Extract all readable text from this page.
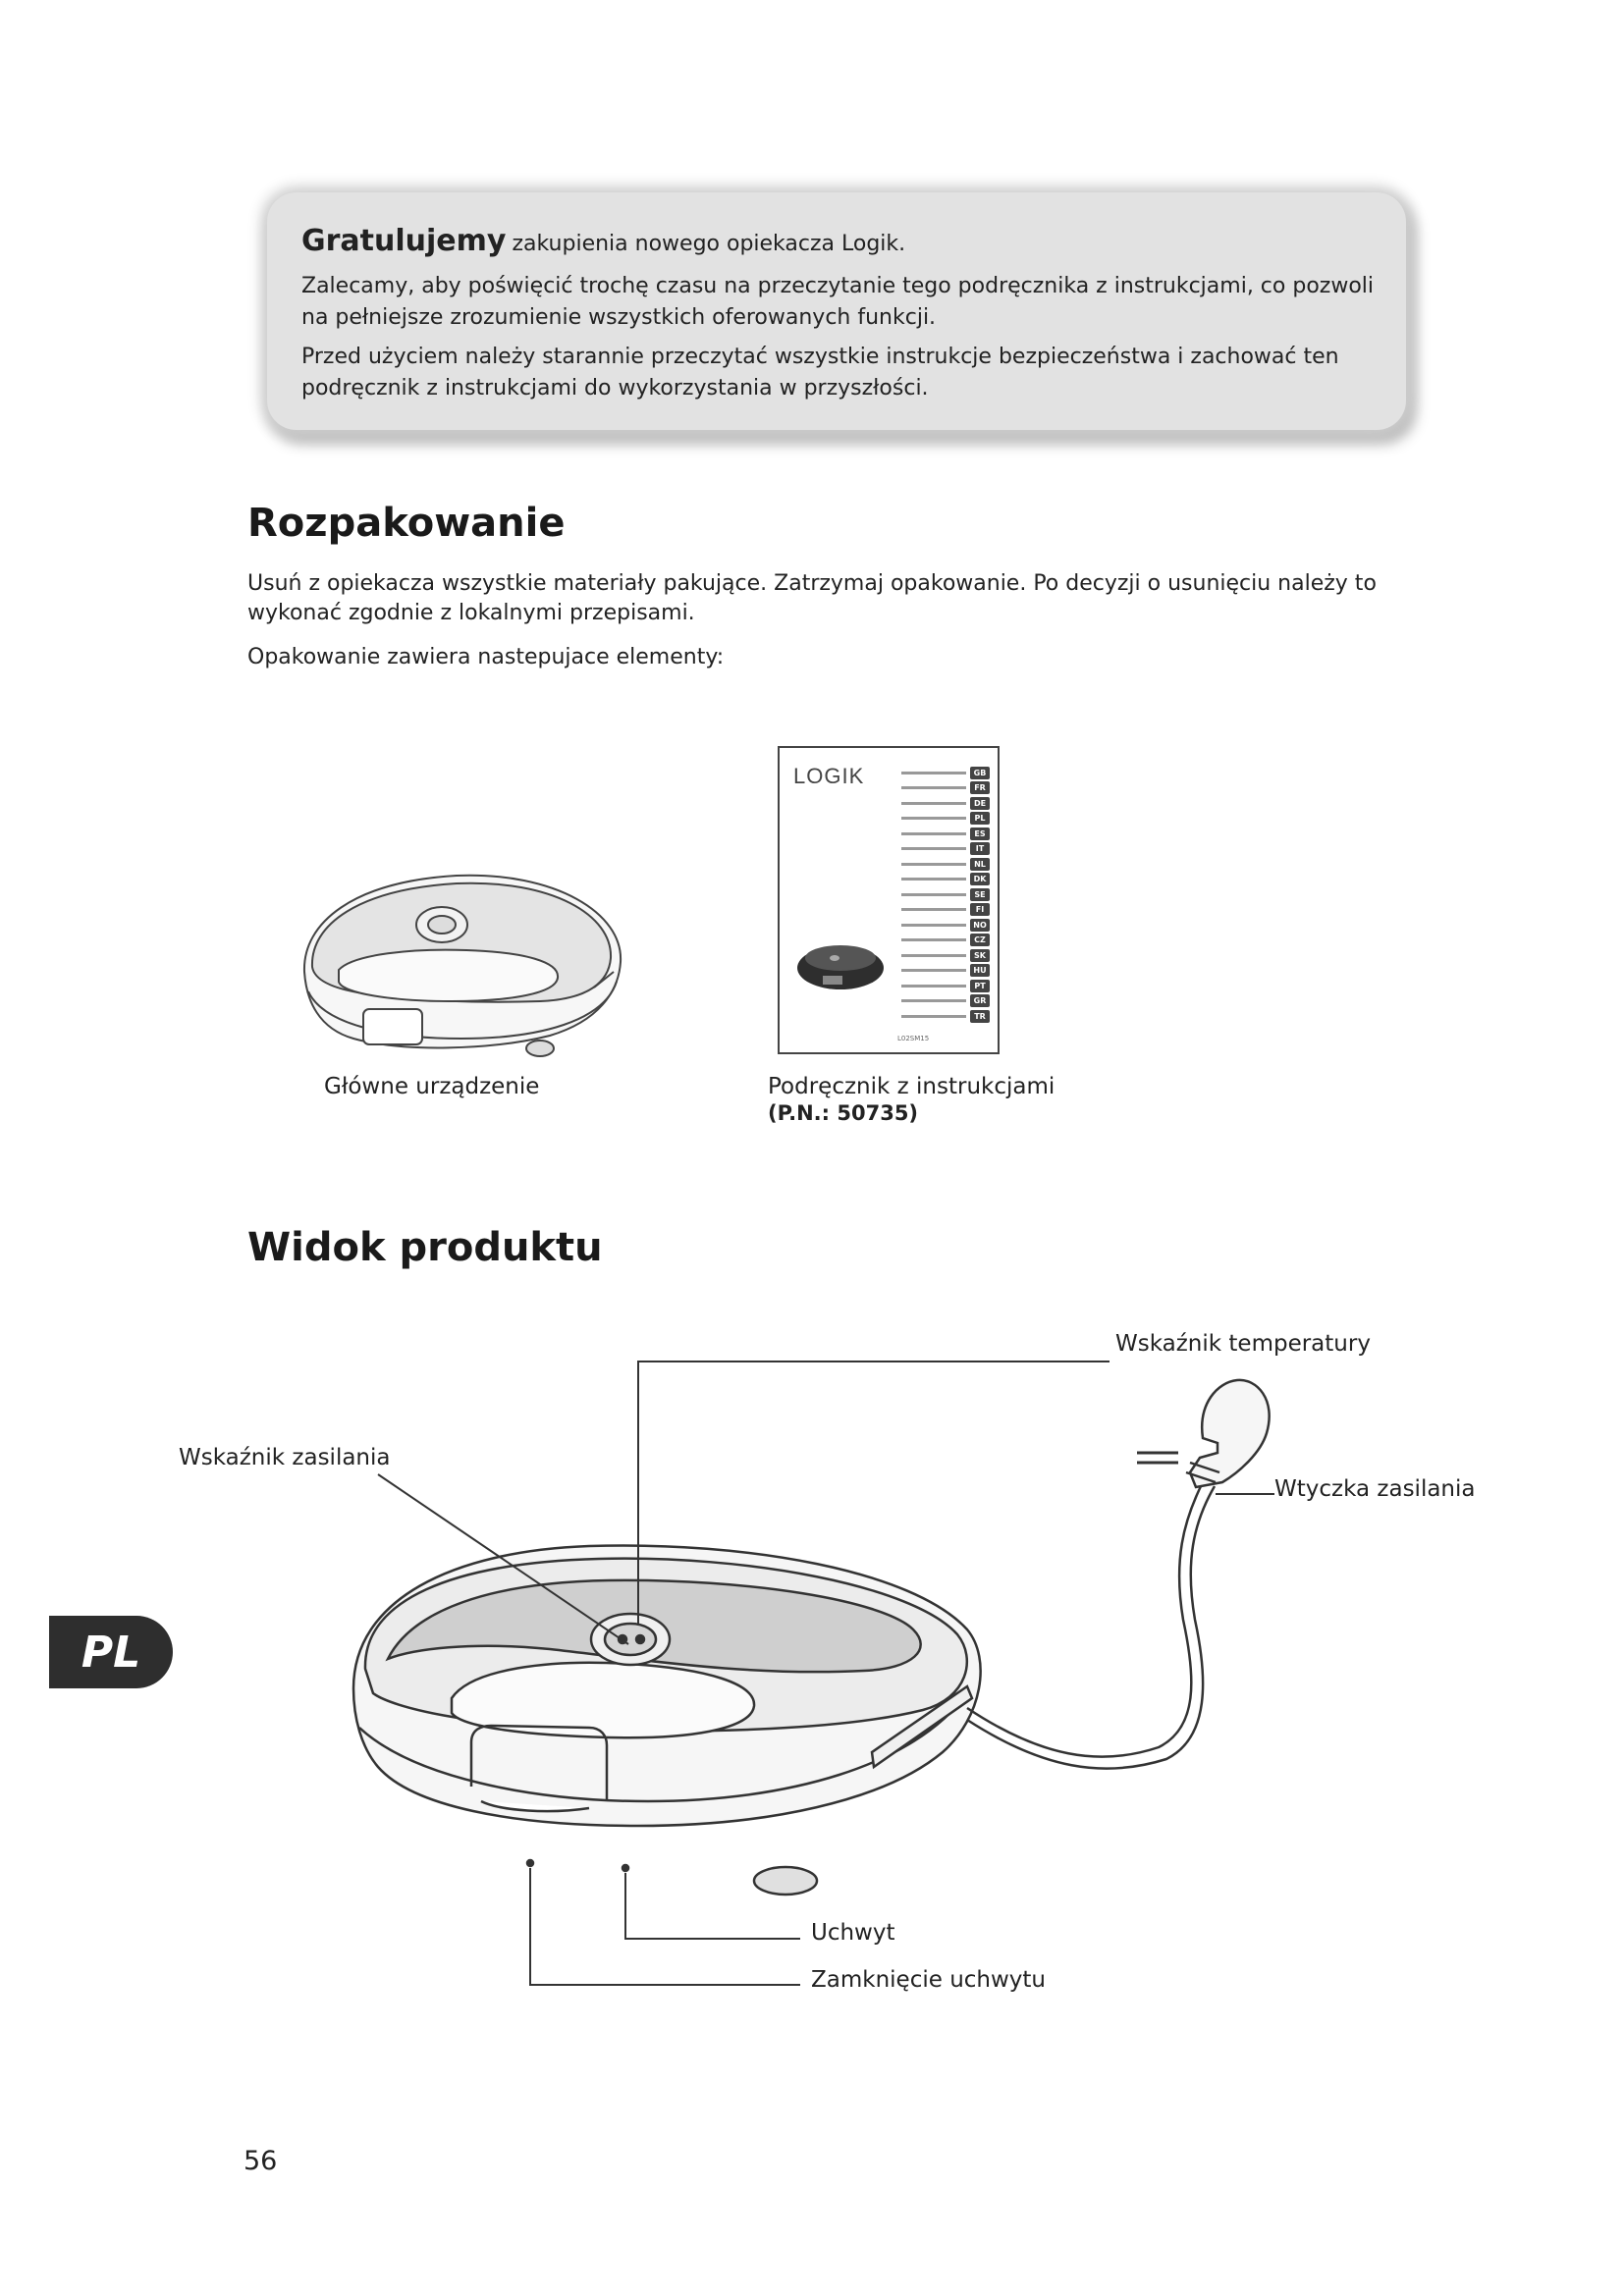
Gratulujemy zakupienia nowego opiekacza Logik.

Zalecamy, aby poświęcić trochę czasu na przeczytanie tego podręcznika z instrukcjami, co pozwoli na pełniejsze zrozumienie wszystkich oferowanych funkcji.

Przed użyciem należy starannie przeczytać wszystkie instrukcje bezpieczeństwa i zachować ten podręcznik z instrukcjami do wykorzystania w przyszłości.

Rozpakowanie

Usuń z opiekacza wszystkie materiały pakujące. Zatrzymaj opakowanie. Po decyzji o usunięciu należy to wykonać zgodnie z lokalnymi przepisami.

Opakowanie zawiera nastepujace elementy:

Główne urządzenie
LOGIK	GB
FR
DE
PL
ES
IT
NL
DK
SE
FI
NO
CZ
SK
HU
PT
GR
TR
L02SM15
Podręcznik z instrukcjami
(P.N.: 50735)
Widok produktu
Wskaźnik temperatury
Wskaźnik zasilania
Wtyczka zasilania
Uchwyt
Zamknięcie uchwytu
PL
56
